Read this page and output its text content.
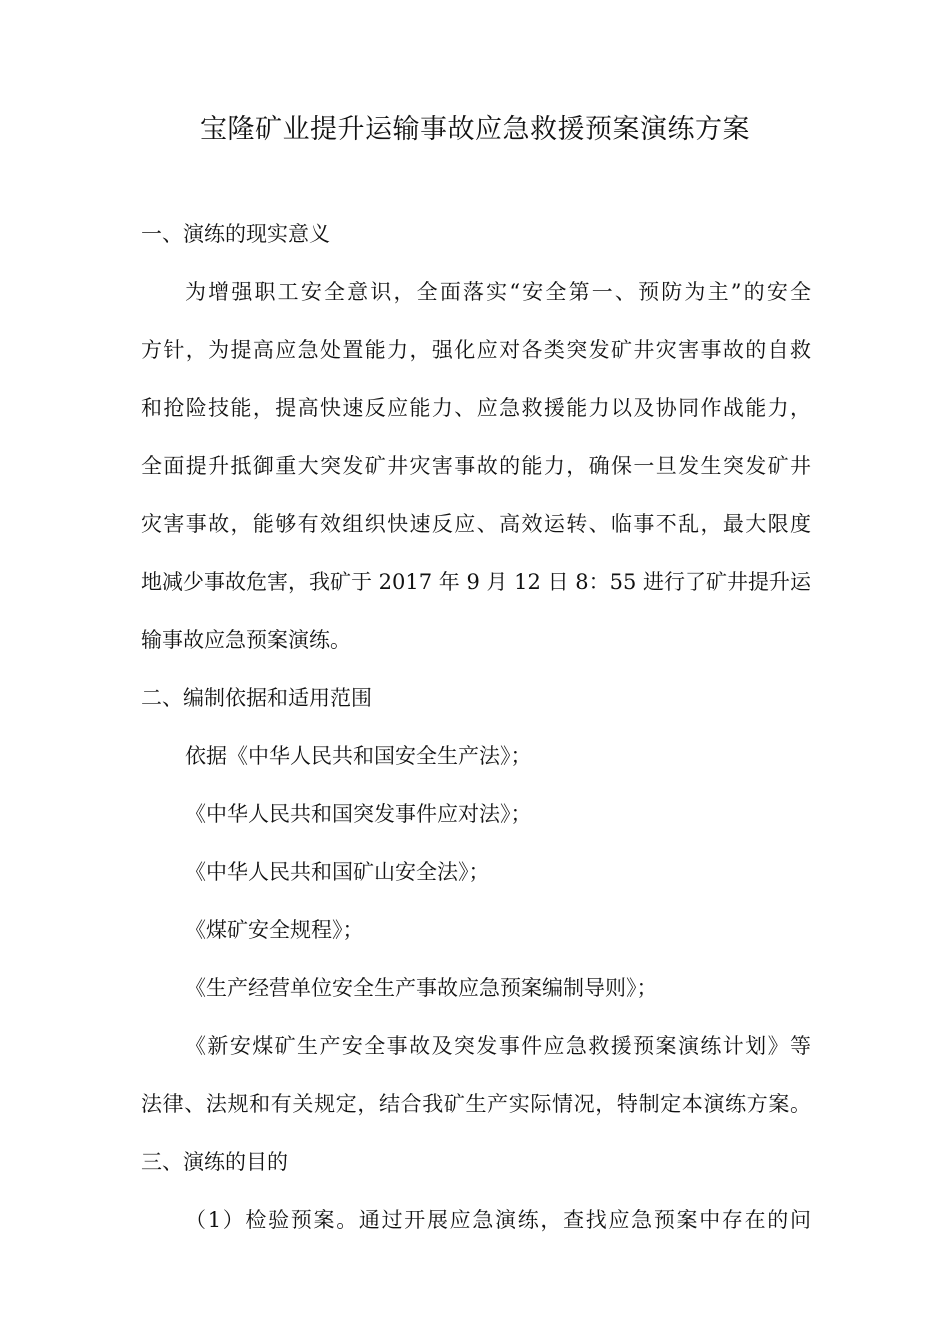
宝隆矿业提升运输事故应急救援预案演练方案
一、演练的现实意义
为增强职工安全意识，全面落实“安全第一、预防为主”的安全
方针，为提高应急处置能力，强化应对各类突发矿井灾害事故的自救
和抢险技能，提高快速反应能力、应急救援能力以及协同作战能力，
全面提升抵御重大突发矿井灾害事故的能力，确保一旦发生突发矿井
灾害事故，能够有效组织快速反应、高效运转、临事不乱，最大限度
地减少事故危害，我矿于 2017 年 9 月 12 日 8：55 进行了矿井提升运
输事故应急预案演练。
二、编制依据和适用范围
依据《中华人民共和国安全生产法》；
《中华人民共和国突发事件应对法》；
《中华人民共和国矿山安全法》；
《煤矿安全规程》；
《生产经营单位安全生产事故应急预案编制导则》；
《新安煤矿生产安全事故及突发事件应急救援预案演练计划》等
法律、法规和有关规定，结合我矿生产实际情况，特制定本演练方案。
三、演练的目的
（1）检验预案。通过开展应急演练，查找应急预案中存在的问
